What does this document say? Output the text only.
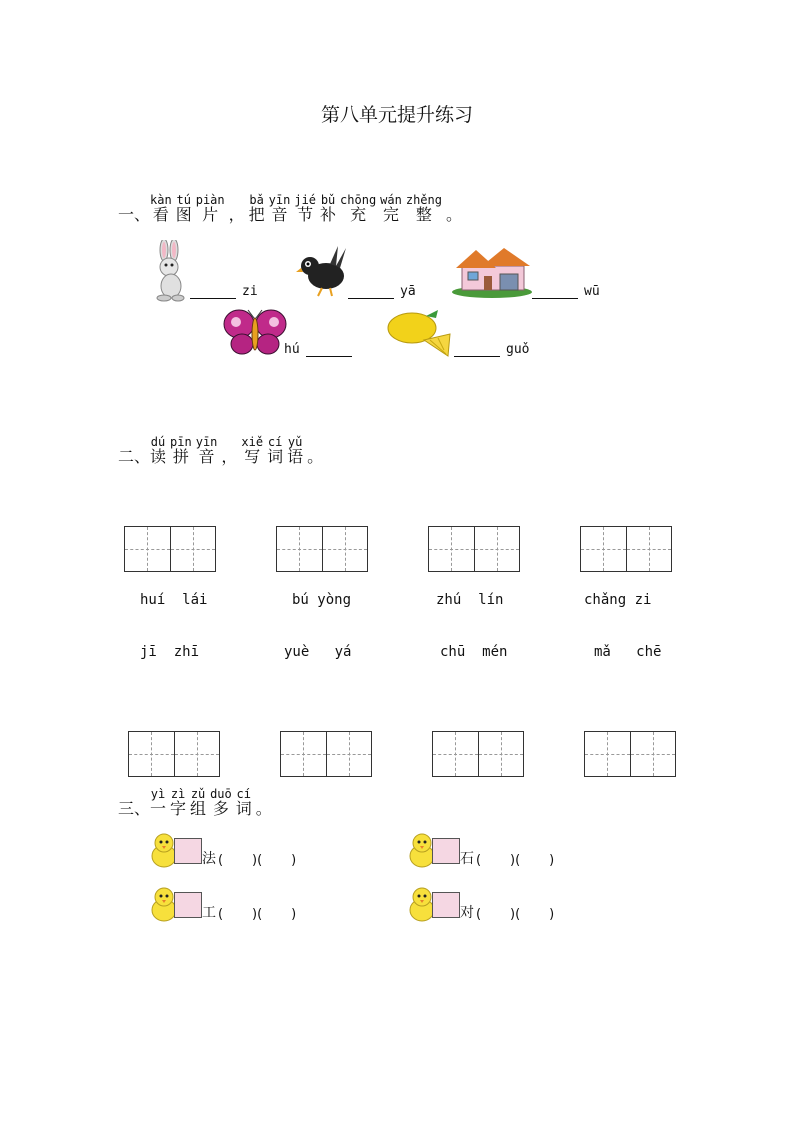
第八单元提升练习
一、
kàn
看
tú
图
piàn
片 ，
bǎ
把
yīn
音
jié
节
bǔ
补
chōng
充
wán
完
zhěng
整 。
zi	yā	wū
hú	guǒ
二、
dú
读
pīn
拼
yīn
音 ，
xiě
写
cí
词
yǔ
语 。
huí  lái	bú yòng	zhú  lín	chǎng zi
jī  zhī	yuè   yá	chū  mén	mǎ   chē
三、
yì
一
zì
字
zǔ
组
duō
多
cí
词 。
法 (       )(       )	石 (       )(       )
工 (       )(       )	对 (       )(       )
